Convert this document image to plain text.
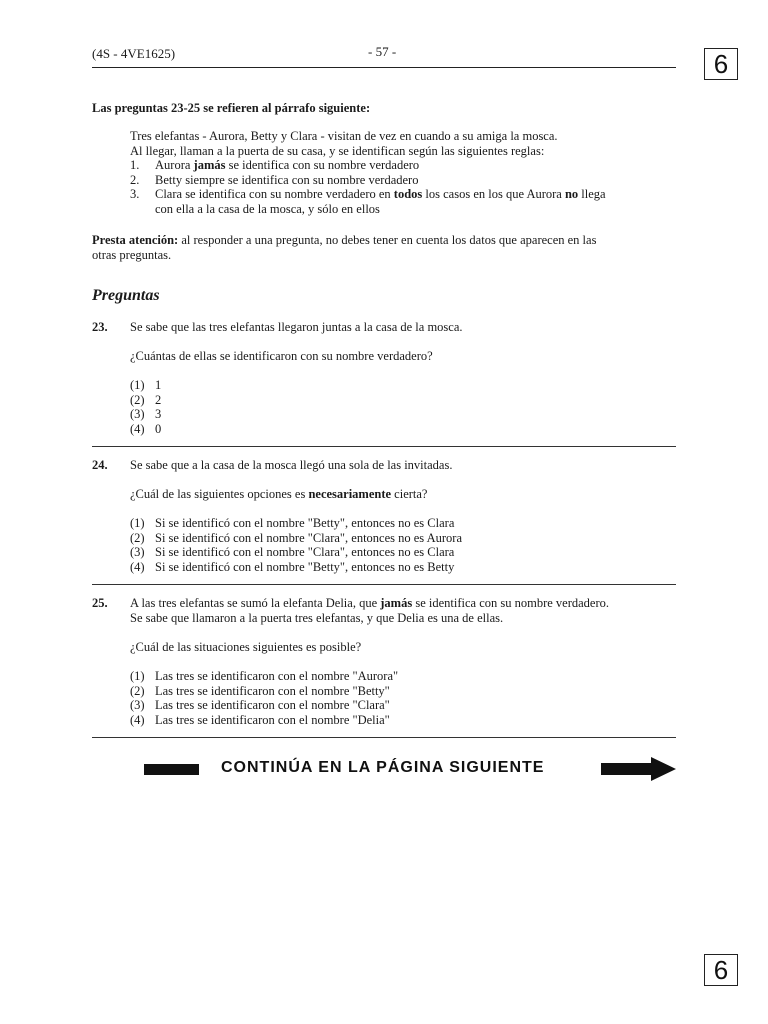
(4S - 4VE1625)	- 57 -	6
Las preguntas 23-25 se refieren al párrafo siguiente:
Tres elefantas - Aurora, Betty y Clara - visitan de vez en cuando a su amiga la mosca.
Al llegar, llaman a la puerta de su casa, y se identifican según las siguientes reglas:
1.	Aurora jamás se identifica con su nombre verdadero
2.	Betty siempre se identifica con su nombre verdadero
3.	Clara se identifica con su nombre verdadero en todos los casos en los que Aurora no llega
con ella a la casa de la mosca, y sólo en ellos
Presta atención: al responder a una pregunta, no debes tener en cuenta los datos que aparecen en las
otras preguntas.
Preguntas
23. Se sabe que las tres elefantas llegaron juntas a la casa de la mosca.
¿Cuántas de ellas se identificaron con su nombre verdadero?
(1) 1
(2) 2
(3) 3
(4) 0
24. Se sabe que a la casa de la mosca llegó una sola de las invitadas.
¿Cuál de las siguientes opciones es necesariamente cierta?
(1) Si se identificó con el nombre "Betty", entonces no es Clara
(2) Si se identificó con el nombre "Clara", entonces no es Aurora
(3) Si se identificó con el nombre "Clara", entonces no es Clara
(4) Si se identificó con el nombre "Betty", entonces no es Betty
25. A las tres elefantas se sumó la elefanta Delia, que jamás se identifica con su nombre verdadero.
Se sabe que llamaron a la puerta tres elefantas, y que Delia es una de ellas.
¿Cuál de las situaciones siguientes es posible?
(1) Las tres se identificaron con el nombre "Aurora"
(2) Las tres se identificaron con el nombre "Betty"
(3) Las tres se identificaron con el nombre "Clara"
(4) Las tres se identificaron con el nombre "Delia"
CONTINÚA EN LA PÁGINA SIGUIENTE
6
